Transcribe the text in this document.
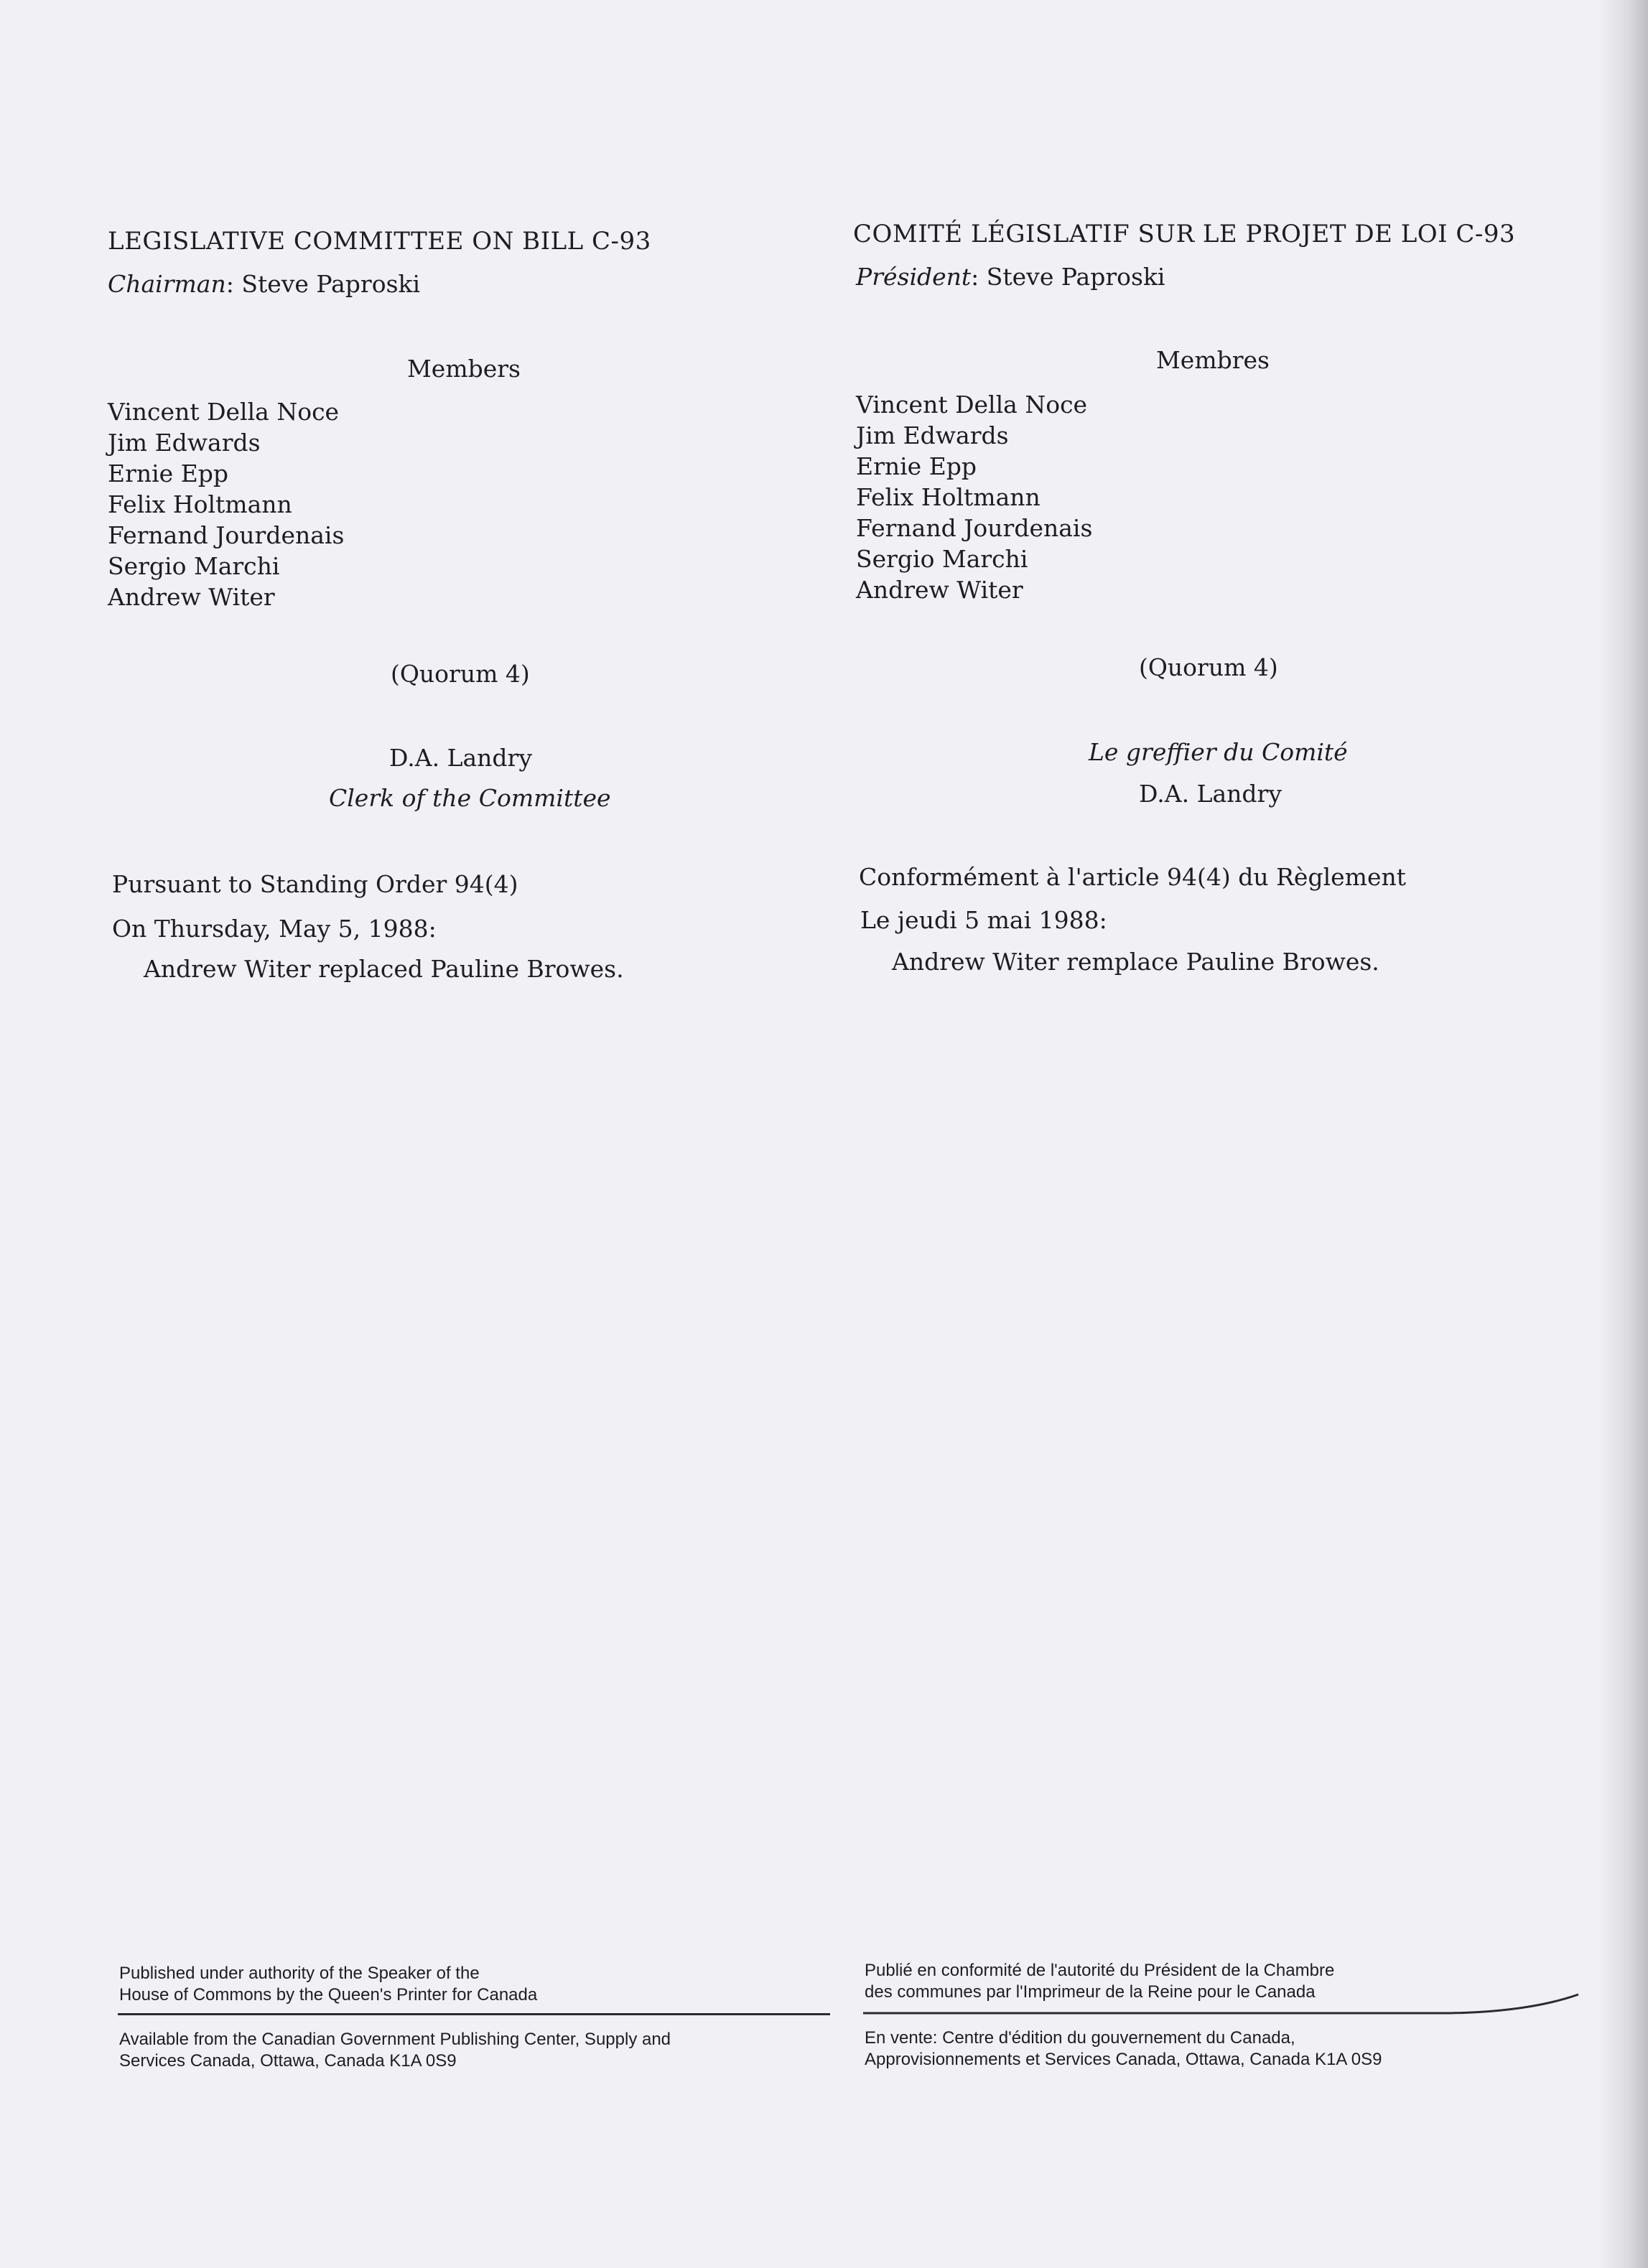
LEGISLATIVE COMMITTEE ON BILL C-93
Chairman: Steve Paproski
Members
Vincent Della Noce
Jim Edwards
Ernie Epp
Felix Holtmann
Fernand Jourdenais
Sergio Marchi
Andrew Witer
(Quorum 4)
D.A. Landry
Clerk of the Committee
Pursuant to Standing Order 94(4)
On Thursday, May 5, 1988:
Andrew Witer replaced Pauline Browes.
COMITÉ LÉGISLATIF SUR LE PROJET DE LOI C-93
Président: Steve Paproski
Membres
Vincent Della Noce
Jim Edwards
Ernie Epp
Felix Holtmann
Fernand Jourdenais
Sergio Marchi
Andrew Witer
(Quorum 4)
Le greffier du Comité
D.A. Landry
Conformément à l'article 94(4) du Règlement
Le jeudi 5 mai 1988:
Andrew Witer remplace Pauline Browes.
Published under authority of the Speaker of the
House of Commons by the Queen's Printer for Canada
Available from the Canadian Government Publishing Center, Supply and
Services Canada, Ottawa, Canada K1A 0S9
Publié en conformité de l'autorité du Président de la Chambre
des communes par l'Imprimeur de la Reine pour le Canada
En vente: Centre d'édition du gouvernement du Canada,
Approvisionnements et Services Canada, Ottawa, Canada K1A 0S9
